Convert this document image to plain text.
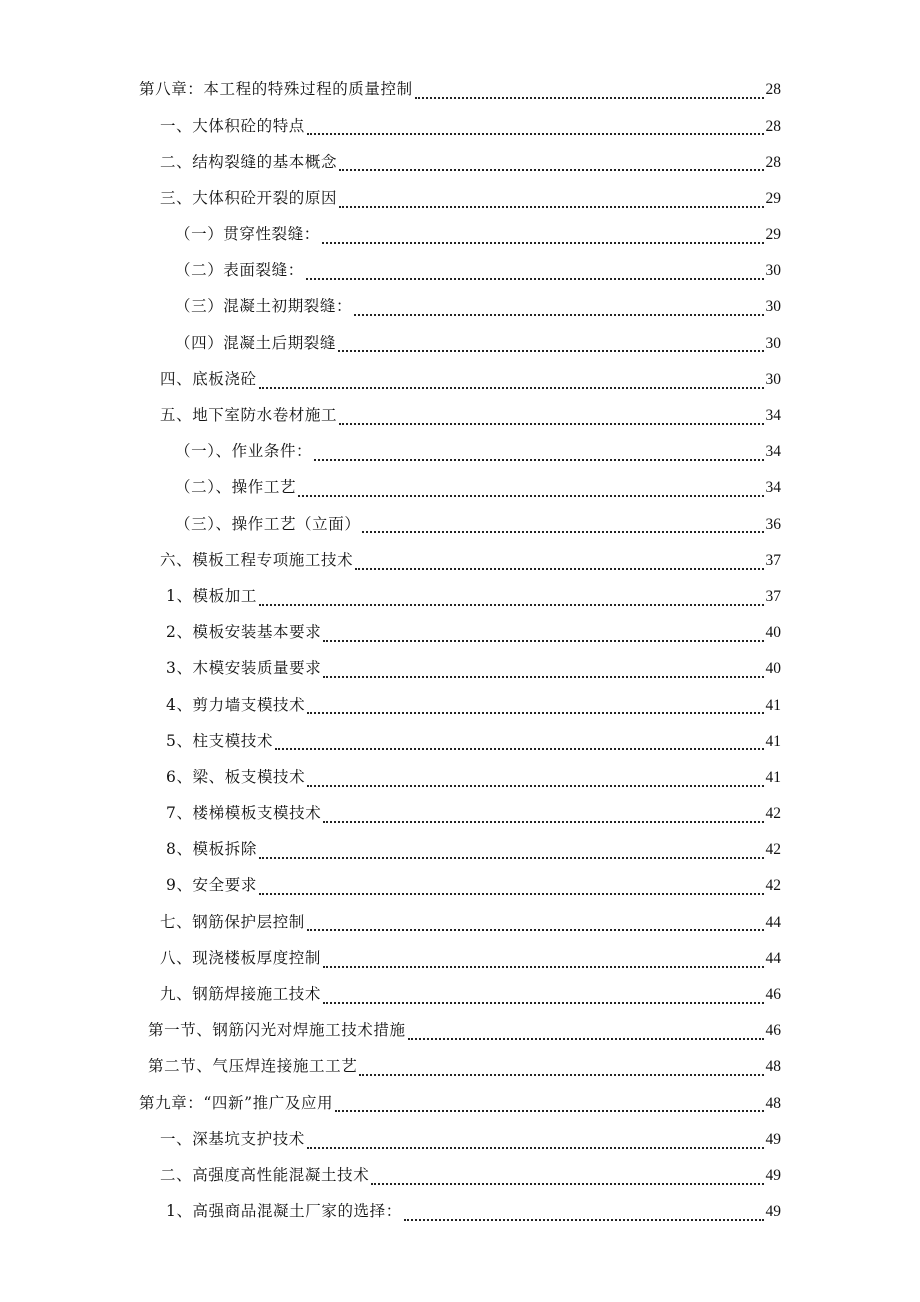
第八章：本工程的特殊过程的质量控制	28
一、大体积砼的特点	28
二、结构裂缝的基本概念	28
三、大体积砼开裂的原因	29
（一）贯穿性裂缝：	29
（二）表面裂缝：	30
（三）混凝土初期裂缝：	30
（四）混凝土后期裂缝	30
四、底板浇砼	30
五、地下室防水卷材施工	34
（一）、作业条件：	34
（二）、操作工艺	34
（三）、操作工艺（立面）	36
六、模板工程专项施工技术	37
1、模板加工	37
2、模板安装基本要求	40
3、木模安装质量要求	40
4、剪力墙支模技术	41
5、柱支模技术	41
6、梁、板支模技术	41
7、楼梯模板支模技术	42
8、模板拆除	42
9、安全要求	42
七、钢筋保护层控制	44
八、现浇楼板厚度控制	44
九、钢筋焊接施工技术	46
第一节、钢筋闪光对焊施工技术措施	46
第二节、气压焊连接施工工艺	48
第九章：“四新”推广及应用	48
一、深基坑支护技术	49
二、高强度高性能混凝土技术	49
1、高强商品混凝土厂家的选择：	49
